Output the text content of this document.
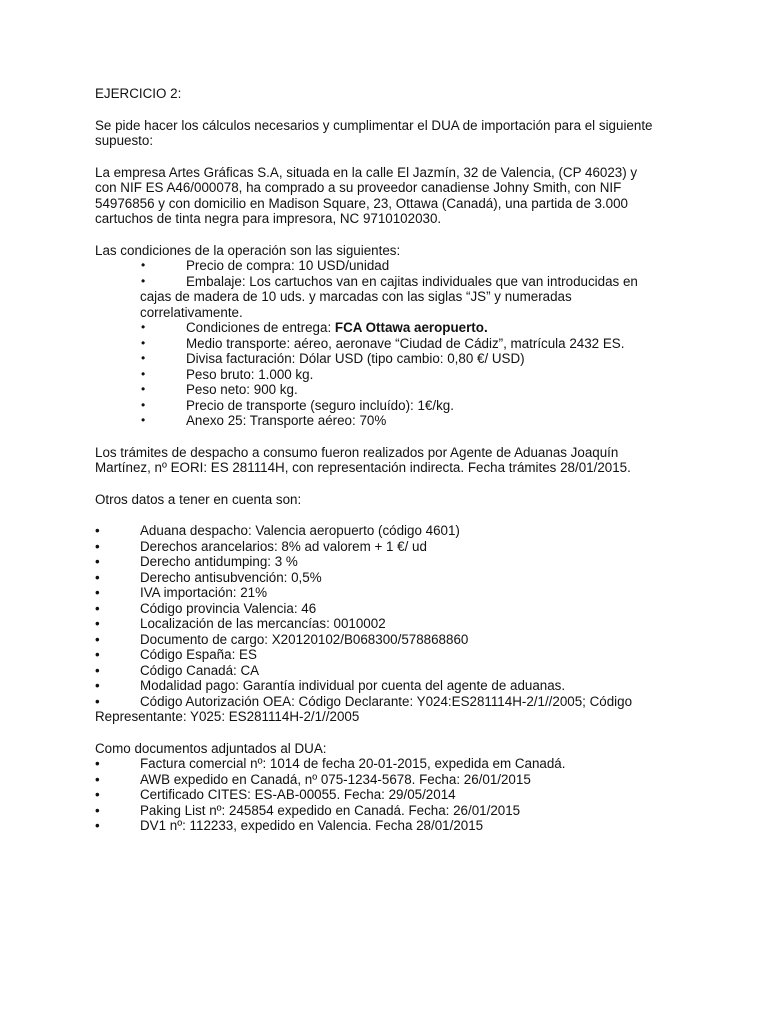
EJERCICIO 2:

Se pide hacer los cálculos necesarios y cumplimentar el DUA de importación para el siguiente
supuesto:

La empresa Artes Gráficas S.A, situada en la calle El Jazmín, 32 de Valencia, (CP 46023) y
con NIF ES A46/000078, ha comprado a su proveedor canadiense Johny Smith, con NIF
54976856 y con domicilio en Madison Square, 23, Ottawa (Canadá), una partida de 3.000
cartuchos de tinta negra para impresora, NC 9710102030.

Las condiciones de la operación son las siguientes:

•	Precio de compra: 10 USD/unidad
•	Embalaje: Los cartuchos van en cajitas individuales que van introducidas en
cajas de madera de 10 uds. y marcadas con las siglas “JS” y numeradas
correlativamente.
•	Condiciones de entrega: FCA Ottawa aeropuerto.
•	Medio transporte: aéreo, aeronave “Ciudad de Cádiz”, matrícula 2432 ES.
•	Divisa facturación: Dólar USD (tipo cambio: 0,80 €/ USD)
•	Peso bruto: 1.000 kg.
•	Peso neto: 900 kg.
•	Precio de transporte (seguro incluído): 1€/kg.
•	Anexo 25: Transporte aéreo: 70%

Los trámites de despacho a consumo fueron realizados por Agente de Aduanas Joaquín
Martínez, nº EORI: ES 281114H, con representación indirecta. Fecha trámites 28/01/2015.

Otros datos a tener en cuenta son:

•	Aduana despacho: Valencia aeropuerto (código 4601)
•	Derechos arancelarios: 8% ad valorem + 1 €/ ud
•	Derecho antidumping: 3 %
•	Derecho antisubvención: 0,5%
•	IVA importación: 21%
•	Código provincia Valencia: 46
•	Localización de las mercancías: 0010002
•	Documento de cargo: X20120102/B068300/578868860
•	Código España: ES
•	Código Canadá: CA
•	Modalidad pago: Garantía individual por cuenta del agente de aduanas.
•	Código Autorización OEA: Código Declarante: Y024:ES281114H-2/1//2005; Código
Representante: Y025: ES281114H-2/1//2005

Como documentos adjuntados al DUA:

•	Factura comercial nº: 1014 de fecha 20-01-2015, expedida em Canadá.
•	AWB expedido en Canadá, nº 075-1234-5678. Fecha: 26/01/2015
•	Certificado CITES: ES-AB-00055. Fecha: 29/05/2014
•	Paking List nº: 245854 expedido en Canadá. Fecha: 26/01/2015
•	DV1 nº: 112233, expedido en Valencia. Fecha 28/01/2015
